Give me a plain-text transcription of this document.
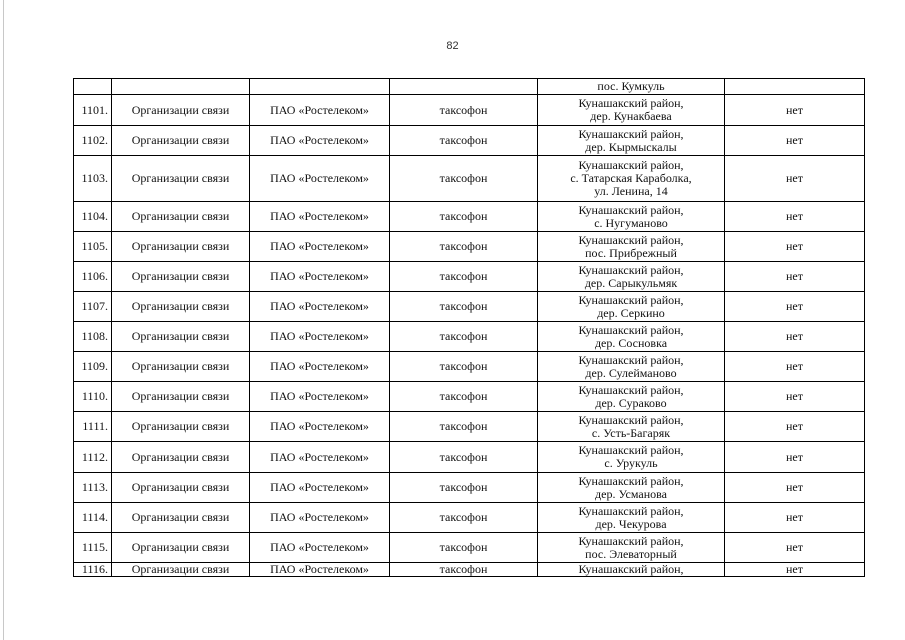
82

				пос. Кумкуль	

1101.	Организации связи	ПАО «Ростелеком»	таксофон	Кунашакский район,
дер. Кунакбаева	нет
1102.	Организации связи	ПАО «Ростелеком»	таксофон	Кунашакский район,
дер. Кырмыскалы	нет
1103.	Организации связи	ПАО «Ростелеком»	таксофон	Кунашакский район,
с. Татарская Караболка,
ул. Ленина, 14	нет
1104.	Организации связи	ПАО «Ростелеком»	таксофон	Кунашакский район,
с. Нугуманово	нет
1105.	Организации связи	ПАО «Ростелеком»	таксофон	Кунашакский район,
пос. Прибрежный	нет
1106.	Организации связи	ПАО «Ростелеком»	таксофон	Кунашакский район,
дер. Сарыкульмяк	нет
1107.	Организации связи	ПАО «Ростелеком»	таксофон	Кунашакский район,
дер. Серкино	нет
1108.	Организации связи	ПАО «Ростелеком»	таксофон	Кунашакский район,
дер. Сосновка	нет
1109.	Организации связи	ПАО «Ростелеком»	таксофон	Кунашакский район,
дер. Сулейманово	нет
1110.	Организации связи	ПАО «Ростелеком»	таксофон	Кунашакский район,
дер. Сураково	нет
1111.	Организации связи	ПАО «Ростелеком»	таксофон	Кунашакский район,
с. Усть-Багаряк	нет
1112.	Организации связи	ПАО «Ростелеком»	таксофон	Кунашакский район,
с. Урукуль	нет
1113.	Организации связи	ПАО «Ростелеком»	таксофон	Кунашакский район,
дер. Усманова	нет
1114.	Организации связи	ПАО «Ростелеком»	таксофон	Кунашакский район,
дер. Чекурова	нет
1115.	Организации связи	ПАО «Ростелеком»	таксофон	Кунашакский район,
пос. Элеваторный	нет
1116.	Организации связи	ПАО «Ростелеком»	таксофон	Кунашакский район,	нет
